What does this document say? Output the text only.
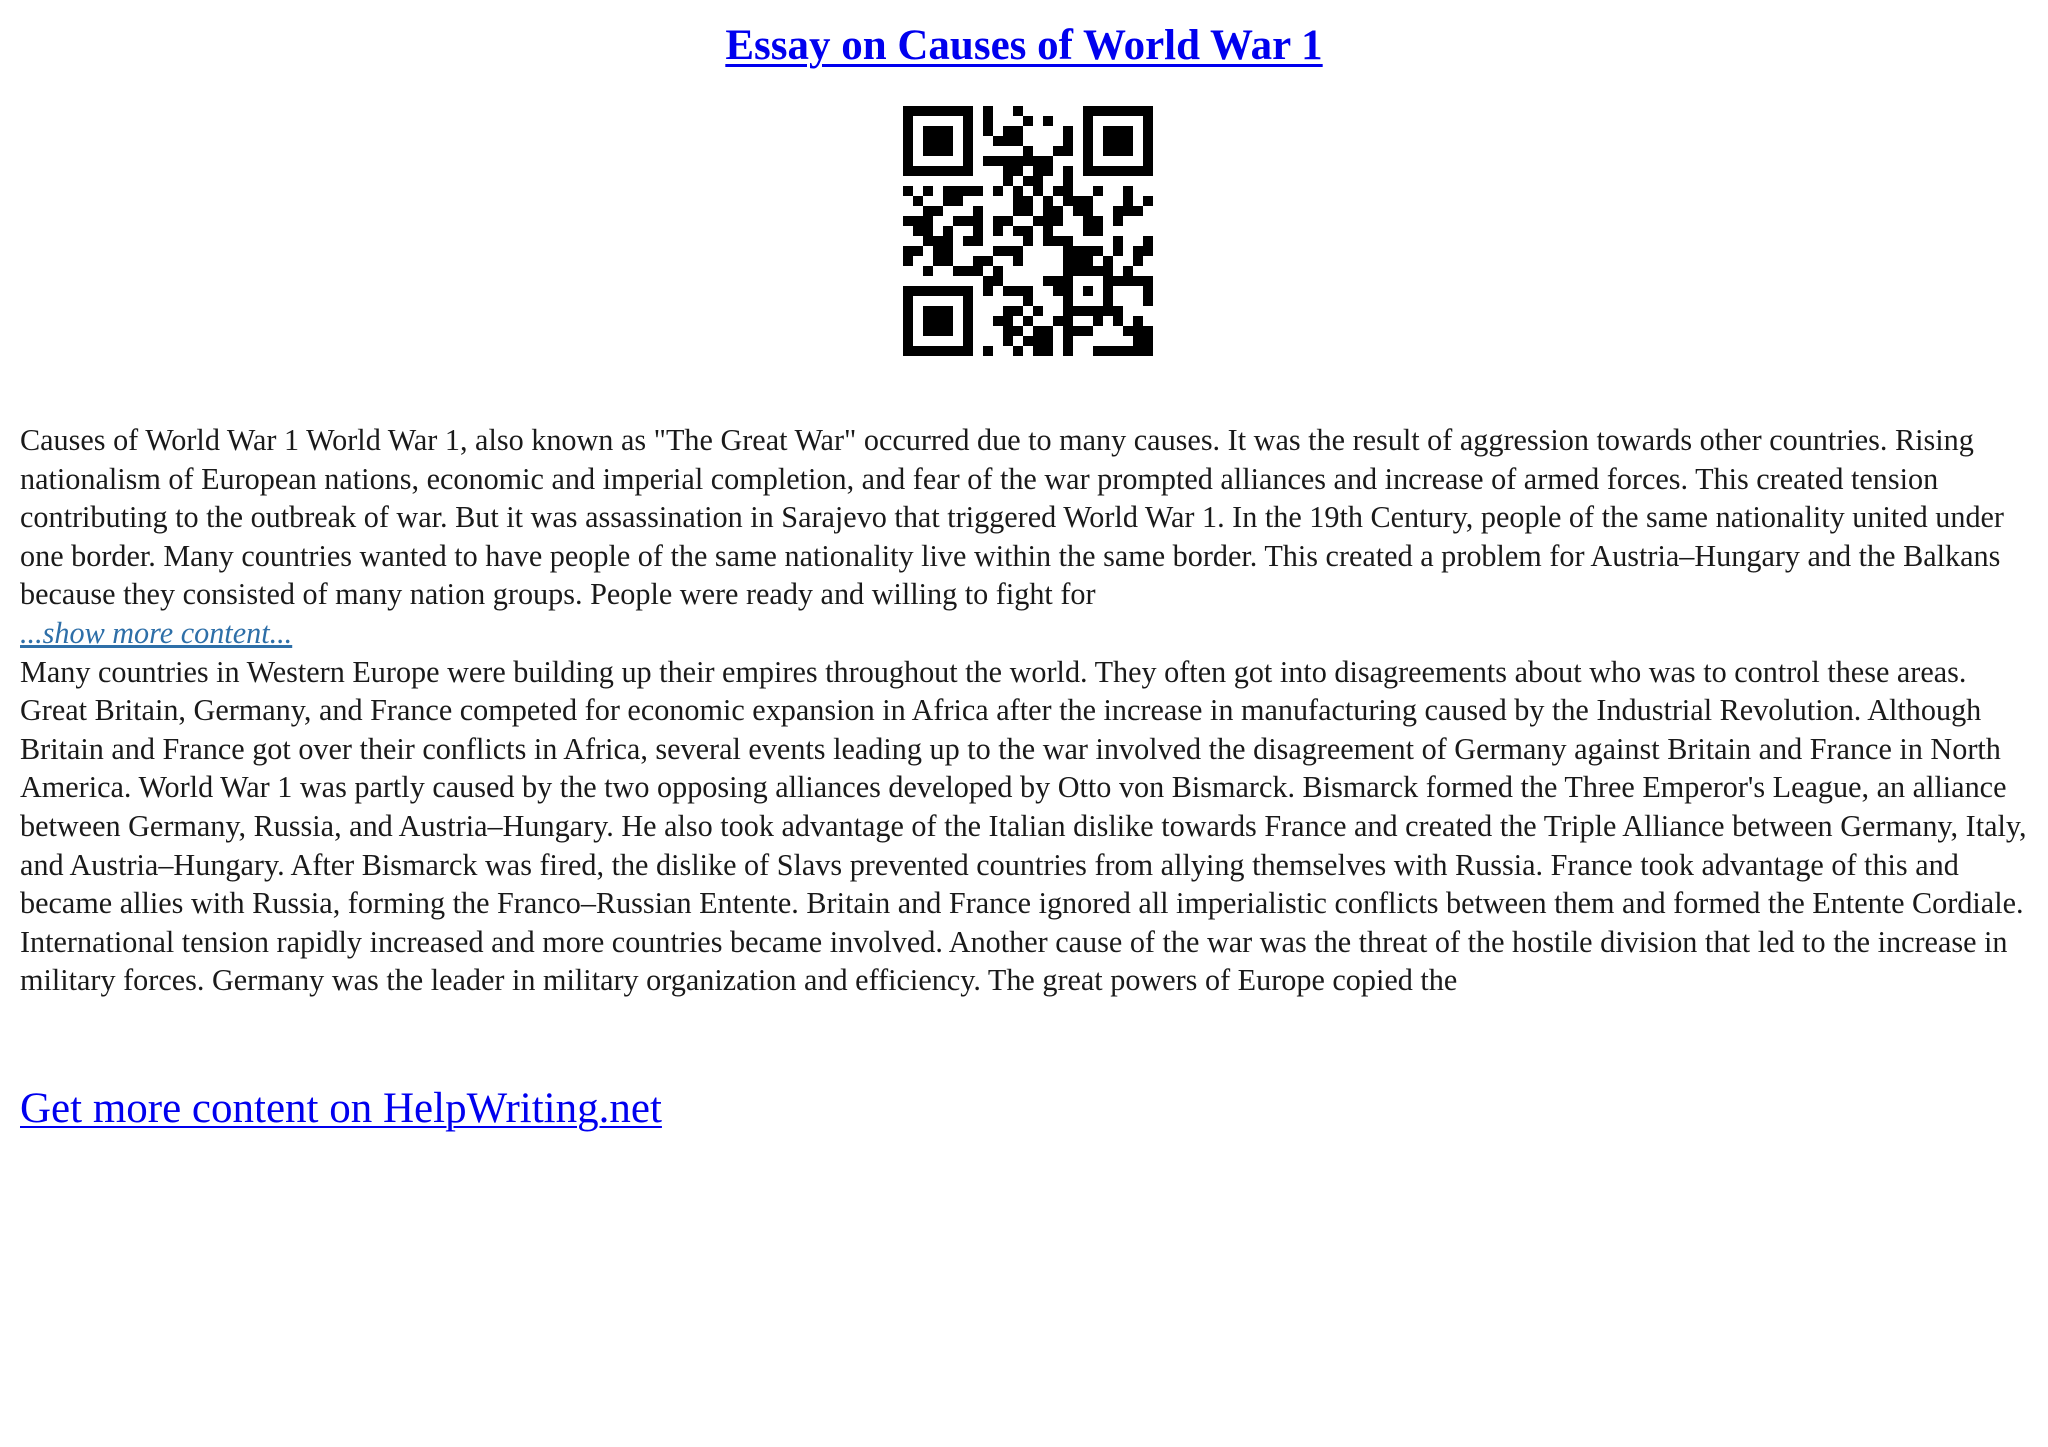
Essay on Causes of World War 1

Causes of World War 1 World War 1, also known as "The Great War" occurred due to many causes. It was the result of aggression towards other countries. Rising nationalism of European nations, economic and imperial completion, and fear of the war prompted alliances and increase of armed forces. This created tension contributing to the outbreak of war. But it was assassination in Sarajevo that triggered World War 1. In the 19th Century, people of the same nationality united under one border. Many countries wanted to have people of the same nationality live within the same border. This created a problem for Austria–Hungary and the Balkans because they consisted of many nation groups. People were ready and willing to fight for

...show more content...

Many countries in Western Europe were building up their empires throughout the world. They often got into disagreements about who was to control these areas. Great Britain, Germany, and France competed for economic expansion in Africa after the increase in manufacturing caused by the Industrial Revolution. Although Britain and France got over their conflicts in Africa, several events leading up to the war involved the disagreement of Germany against Britain and France in North America. World War 1 was partly caused by the two opposing alliances developed by Otto von Bismarck. Bismarck formed the Three Emperor's League, an alliance between Germany, Russia, and Austria–Hungary. He also took advantage of the Italian dislike towards France and created the Triple Alliance between Germany, Italy, and Austria–Hungary. After Bismarck was fired, the dislike of Slavs prevented countries from allying themselves with Russia. France took advantage of this and became allies with Russia, forming the Franco–Russian Entente. Britain and France ignored all imperialistic conflicts between them and formed the Entente Cordiale. International tension rapidly increased and more countries became involved. Another cause of the war was the threat of the hostile division that led to the increase in military forces. Germany was the leader in military organization and efficiency. The great powers of Europe copied the

Get more content on HelpWriting.net
